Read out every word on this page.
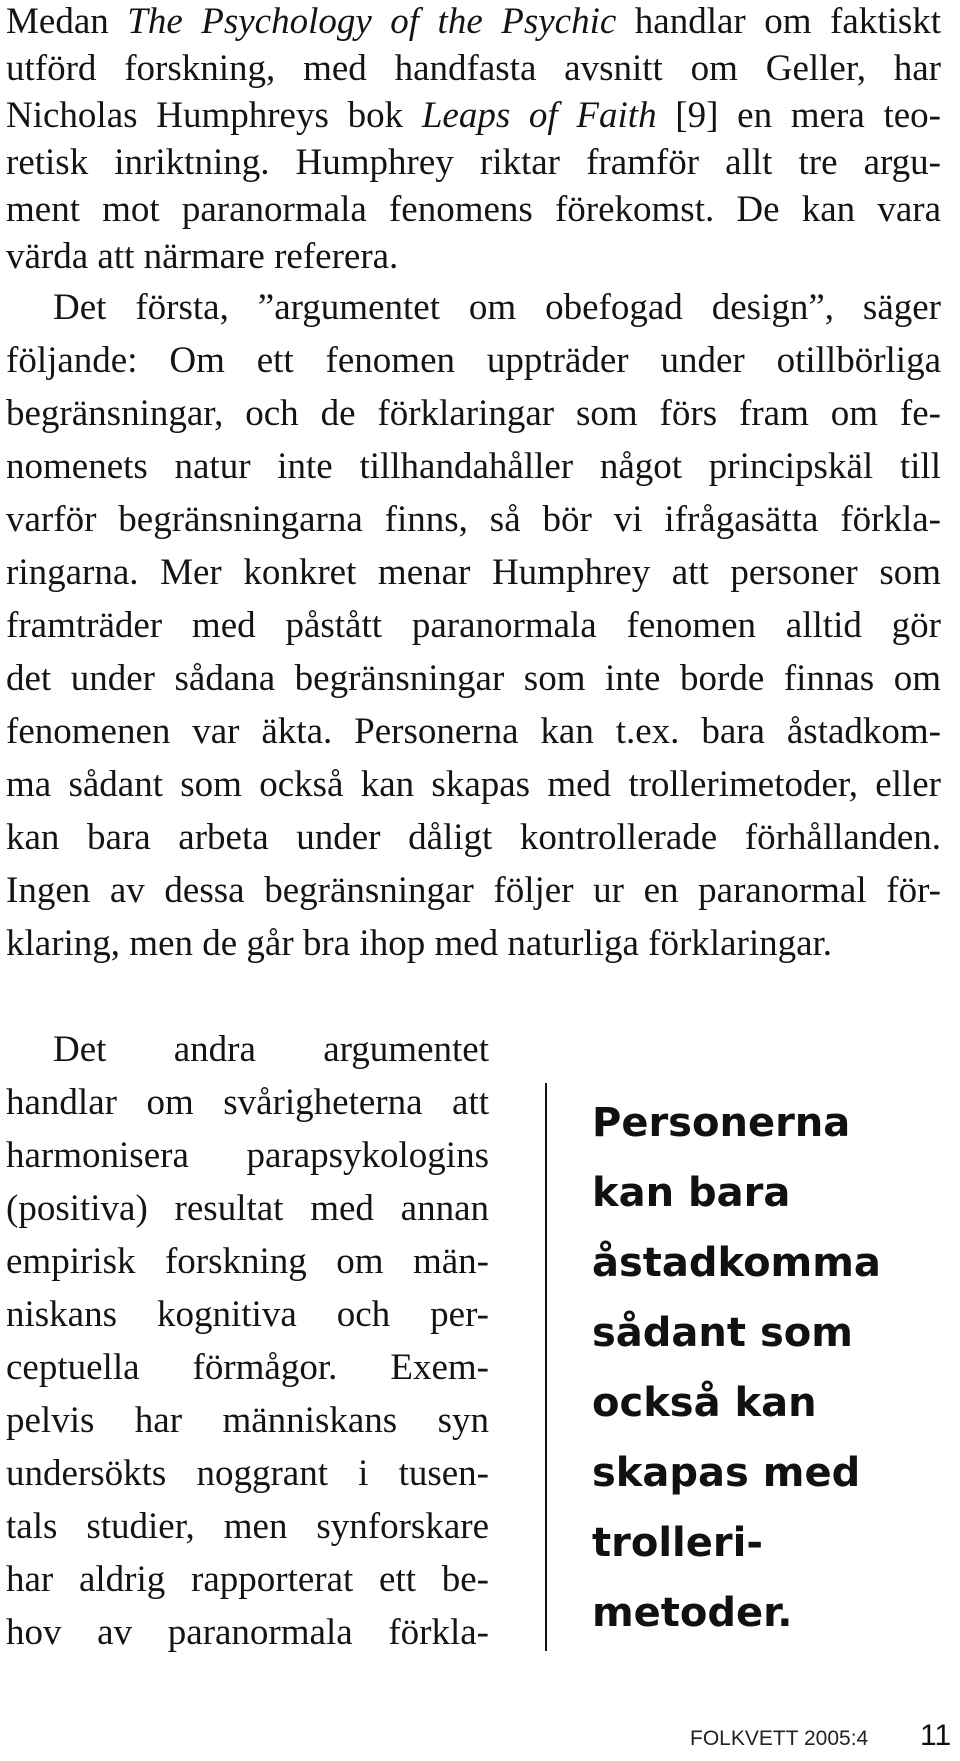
Medan The Psychology of the Psychic handlar om faktiskt
utförd forskning, med handfasta avsnitt om Geller, har
Nicholas Humphreys bok Leaps of Faith [9] en mera teo-
retisk inriktning. Humphrey riktar framför allt tre argu-
ment mot paranormala fenomens förekomst. De kan vara
värda att närmare referera.
Det första, ”argumentet om obefogad design”, säger
följande: Om ett fenomen uppträder under otillbörliga
begränsningar, och de förklaringar som förs fram om fe-
nomenets natur inte tillhandahåller något principskäl till
varför begränsningarna finns, så bör vi ifrågasätta förkla-
ringarna. Mer konkret menar Humphrey att personer som
framträder med påstått paranormala fenomen alltid gör
det under sådana begränsningar som inte borde finnas om
fenomenen var äkta. Personerna kan t.ex. bara åstadkom-
ma sådant som också kan skapas med trollerimetoder, eller
kan bara arbeta under dåligt kontrollerade förhållanden.
Ingen av dessa begränsningar följer ur en paranormal för-
klaring, men de går bra ihop med naturliga förklaringar.
Det andra argumentet
handlar om svårigheterna att
harmonisera parapsykologins
(positiva) resultat med annan
empirisk forskning om män-
niskans kognitiva och per-
ceptuella förmågor. Exem-
pelvis har människans syn
undersökts noggrant i tusen-
tals studier, men synforskare
har aldrig rapporterat ett be-
hov av paranormala förkla-
Personerna
kan bara
åstadkomma
sådant som
också kan
skapas med
trolleri-
metoder.
FOLKVETT 2005:4 11
